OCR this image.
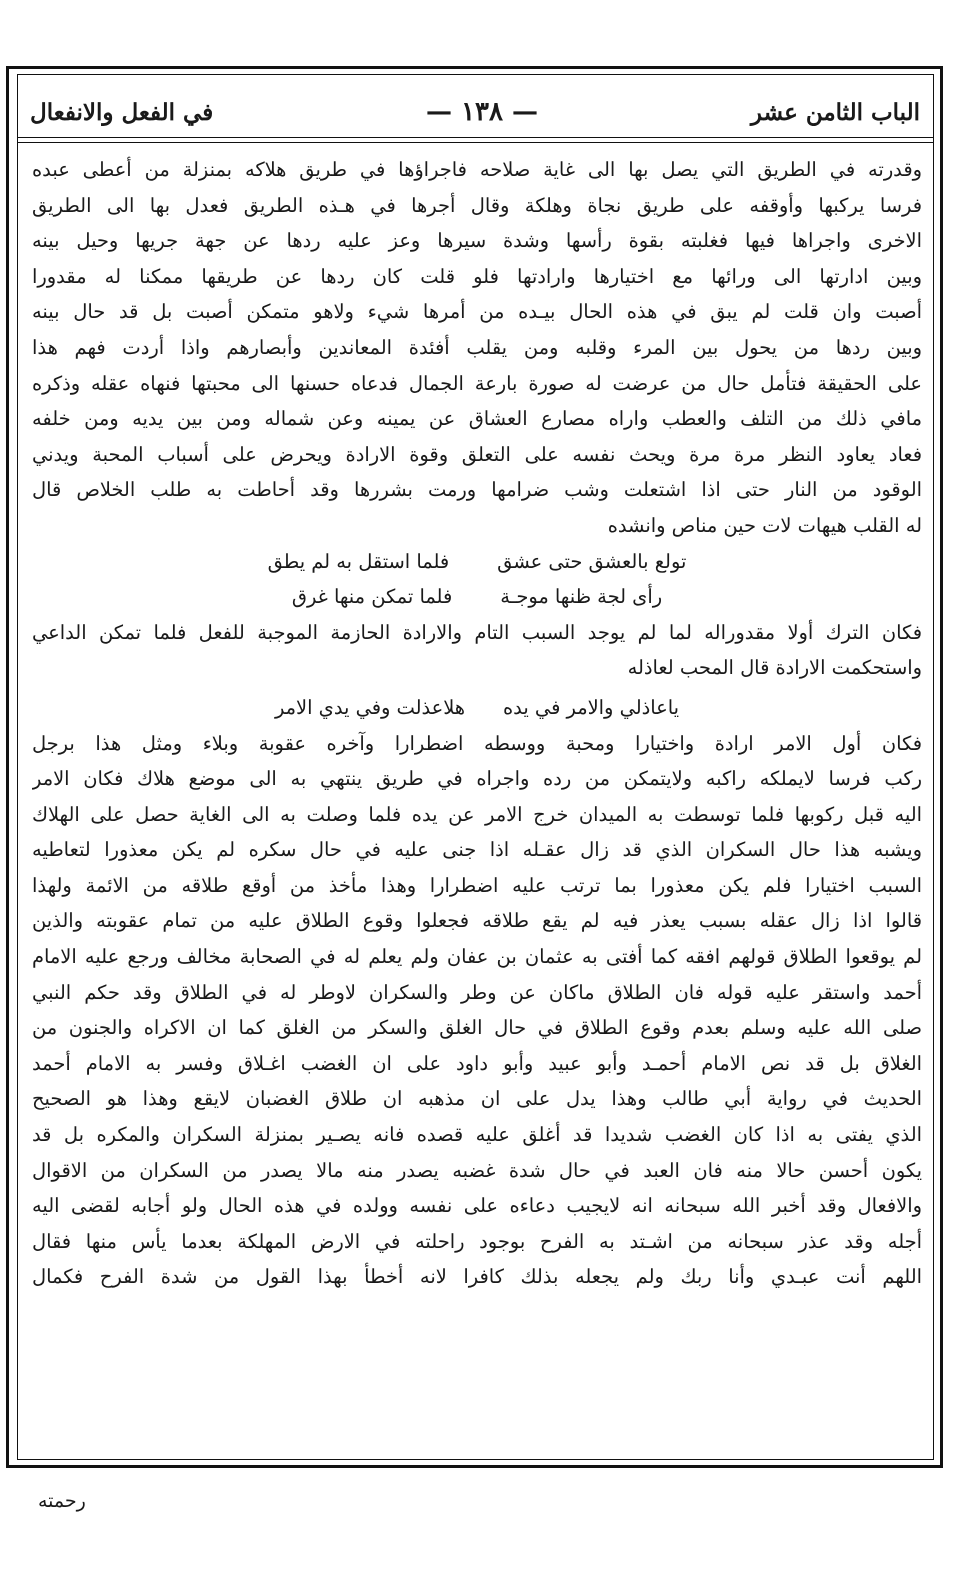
الباب الثامن عشر
— ١٣٨ —
في الفعل والانفعال
وقدرته في الطريق التي يصل بها الى غاية صلاحه فاجراؤها في طريق هلاكه بمنزلة من أعطى عبده
فرسا يركبها وأوقفه على طريق نجاة وهلكة وقال أجرها في هـذه الطريق فعدل بها الى الطريق
الاخرى واجراها فيها فغلبته بقوة رأسها وشدة سيرها وعز عليه ردها عن جهة جريها وحيل بينه
وبين ادارتها الى ورائها مع اختيارها وارادتها فلو قلت كان ردها عن طريقها ممكنا له مقدورا
أصبت وان قلت لم يبق في هذه الحال بيـده من أمرها شيء ولاهو متمكن أصبت بل قد حال بينه
وبين ردها من يحول بين المرء وقلبه ومن يقلب أفئدة المعاندين وأبصارهم واذا أردت فهم هذا
على الحقيقة فتأمل حال من عرضت له صورة بارعة الجمال فدعاه حسنها الى محبتها فنهاه عقله وذكره
مافي ذلك من التلف والعطب واراه مصارع العشاق عن يمينه وعن شماله ومن بين يديه ومن خلفه
فعاد يعاود النظر مرة مرة ويحث نفسه على التعلق وقوة الارادة ويحرض على أسباب المحبة ويدني
الوقود من النار حتى اذا اشتعلت وشب ضرامها ورمت بشررها وقد أحاطت به طلب الخلاص قال
له القلب هيهات لات حين مناص وانشده
تولع بالعشق حتى عشق
فلما استقل به لم يطق
رأى لجة ظنها موجـة
فلما تمكن منها غرق
فكان الترك أولا مقدوراله لما لم يوجد السبب التام والارادة الحازمة الموجبة للفعل فلما تمكن الداعي
واستحكمت الارادة قال المحب لعاذله
ياعاذلي والامر في يده
هلاعذلت وفي يدي الامر
فكان أول الامر ارادة واختيارا ومحبة ووسطه اضطرارا وآخره عقوبة وبلاء ومثل هذا برجل
ركب فرسا لايملكه راكبه ولايتمكن من رده واجراه في طريق ينتهي به الى موضع هلاك فكان الامر
اليه قبل ركوبها فلما توسطت به الميدان خرج الامر عن يده فلما وصلت به الى الغاية حصل على الهلاك
ويشبه هذا حال السكران الذي قد زال عقـله اذا جنى عليه في حال سكره لم يكن معذورا لتعاطيه
السبب اختيارا فلم يكن معذورا بما ترتب عليه اضطرارا وهذا مأخذ من أوقع طلاقه من الائمة ولهذا
قالوا اذا زال عقله بسبب يعذر فيه لم يقع طلاقه فجعلوا وقوع الطلاق عليه من تمام عقوبته والذين
لم يوقعوا الطلاق قولهم افقه كما أفتى به عثمان بن عفان ولم يعلم له في الصحابة مخالف ورجع عليه الامام
أحمد واستقر عليه قوله فان الطلاق ماكان عن وطر والسكران لاوطر له في الطلاق وقد حكم النبي
صلى الله عليه وسلم بعدم وقوع الطلاق في حال الغلق والسكر من الغلق كما ان الاكراه والجنون من
الغلاق بل قد نص الامام أحمـد وأبو عبيد وأبو داود على ان الغضب اغـلاق وفسر به الامام أحمد
الحديث في رواية أبي طالب وهذا يدل على ان مذهبه ان طلاق الغضبان لايقع وهذا هو الصحيح
الذي يفتى به اذا كان الغضب شديدا قد أغلق عليه قصده فانه يصـير بمنزلة السكران والمكره بل قد
يكون أحسن حالا منه فان العبد في حال شدة غضبه يصدر منه مالا يصدر من السكران من الاقوال
والافعال وقد أخبر الله سبحانه انه لايجيب دعاءه على نفسه وولده في هذه الحال ولو أجابه لقضى اليه
أجله وقد عذر سبحانه من اشـتد به الفرح بوجود راحلته في الارض المهلكة بعدما يأس منها فقال
اللهم أنت عبـدي وأنا ربك ولم يجعله بذلك كافرا لانه أخطأ بهذا القول من شدة الفرح فكمال
رحمته
